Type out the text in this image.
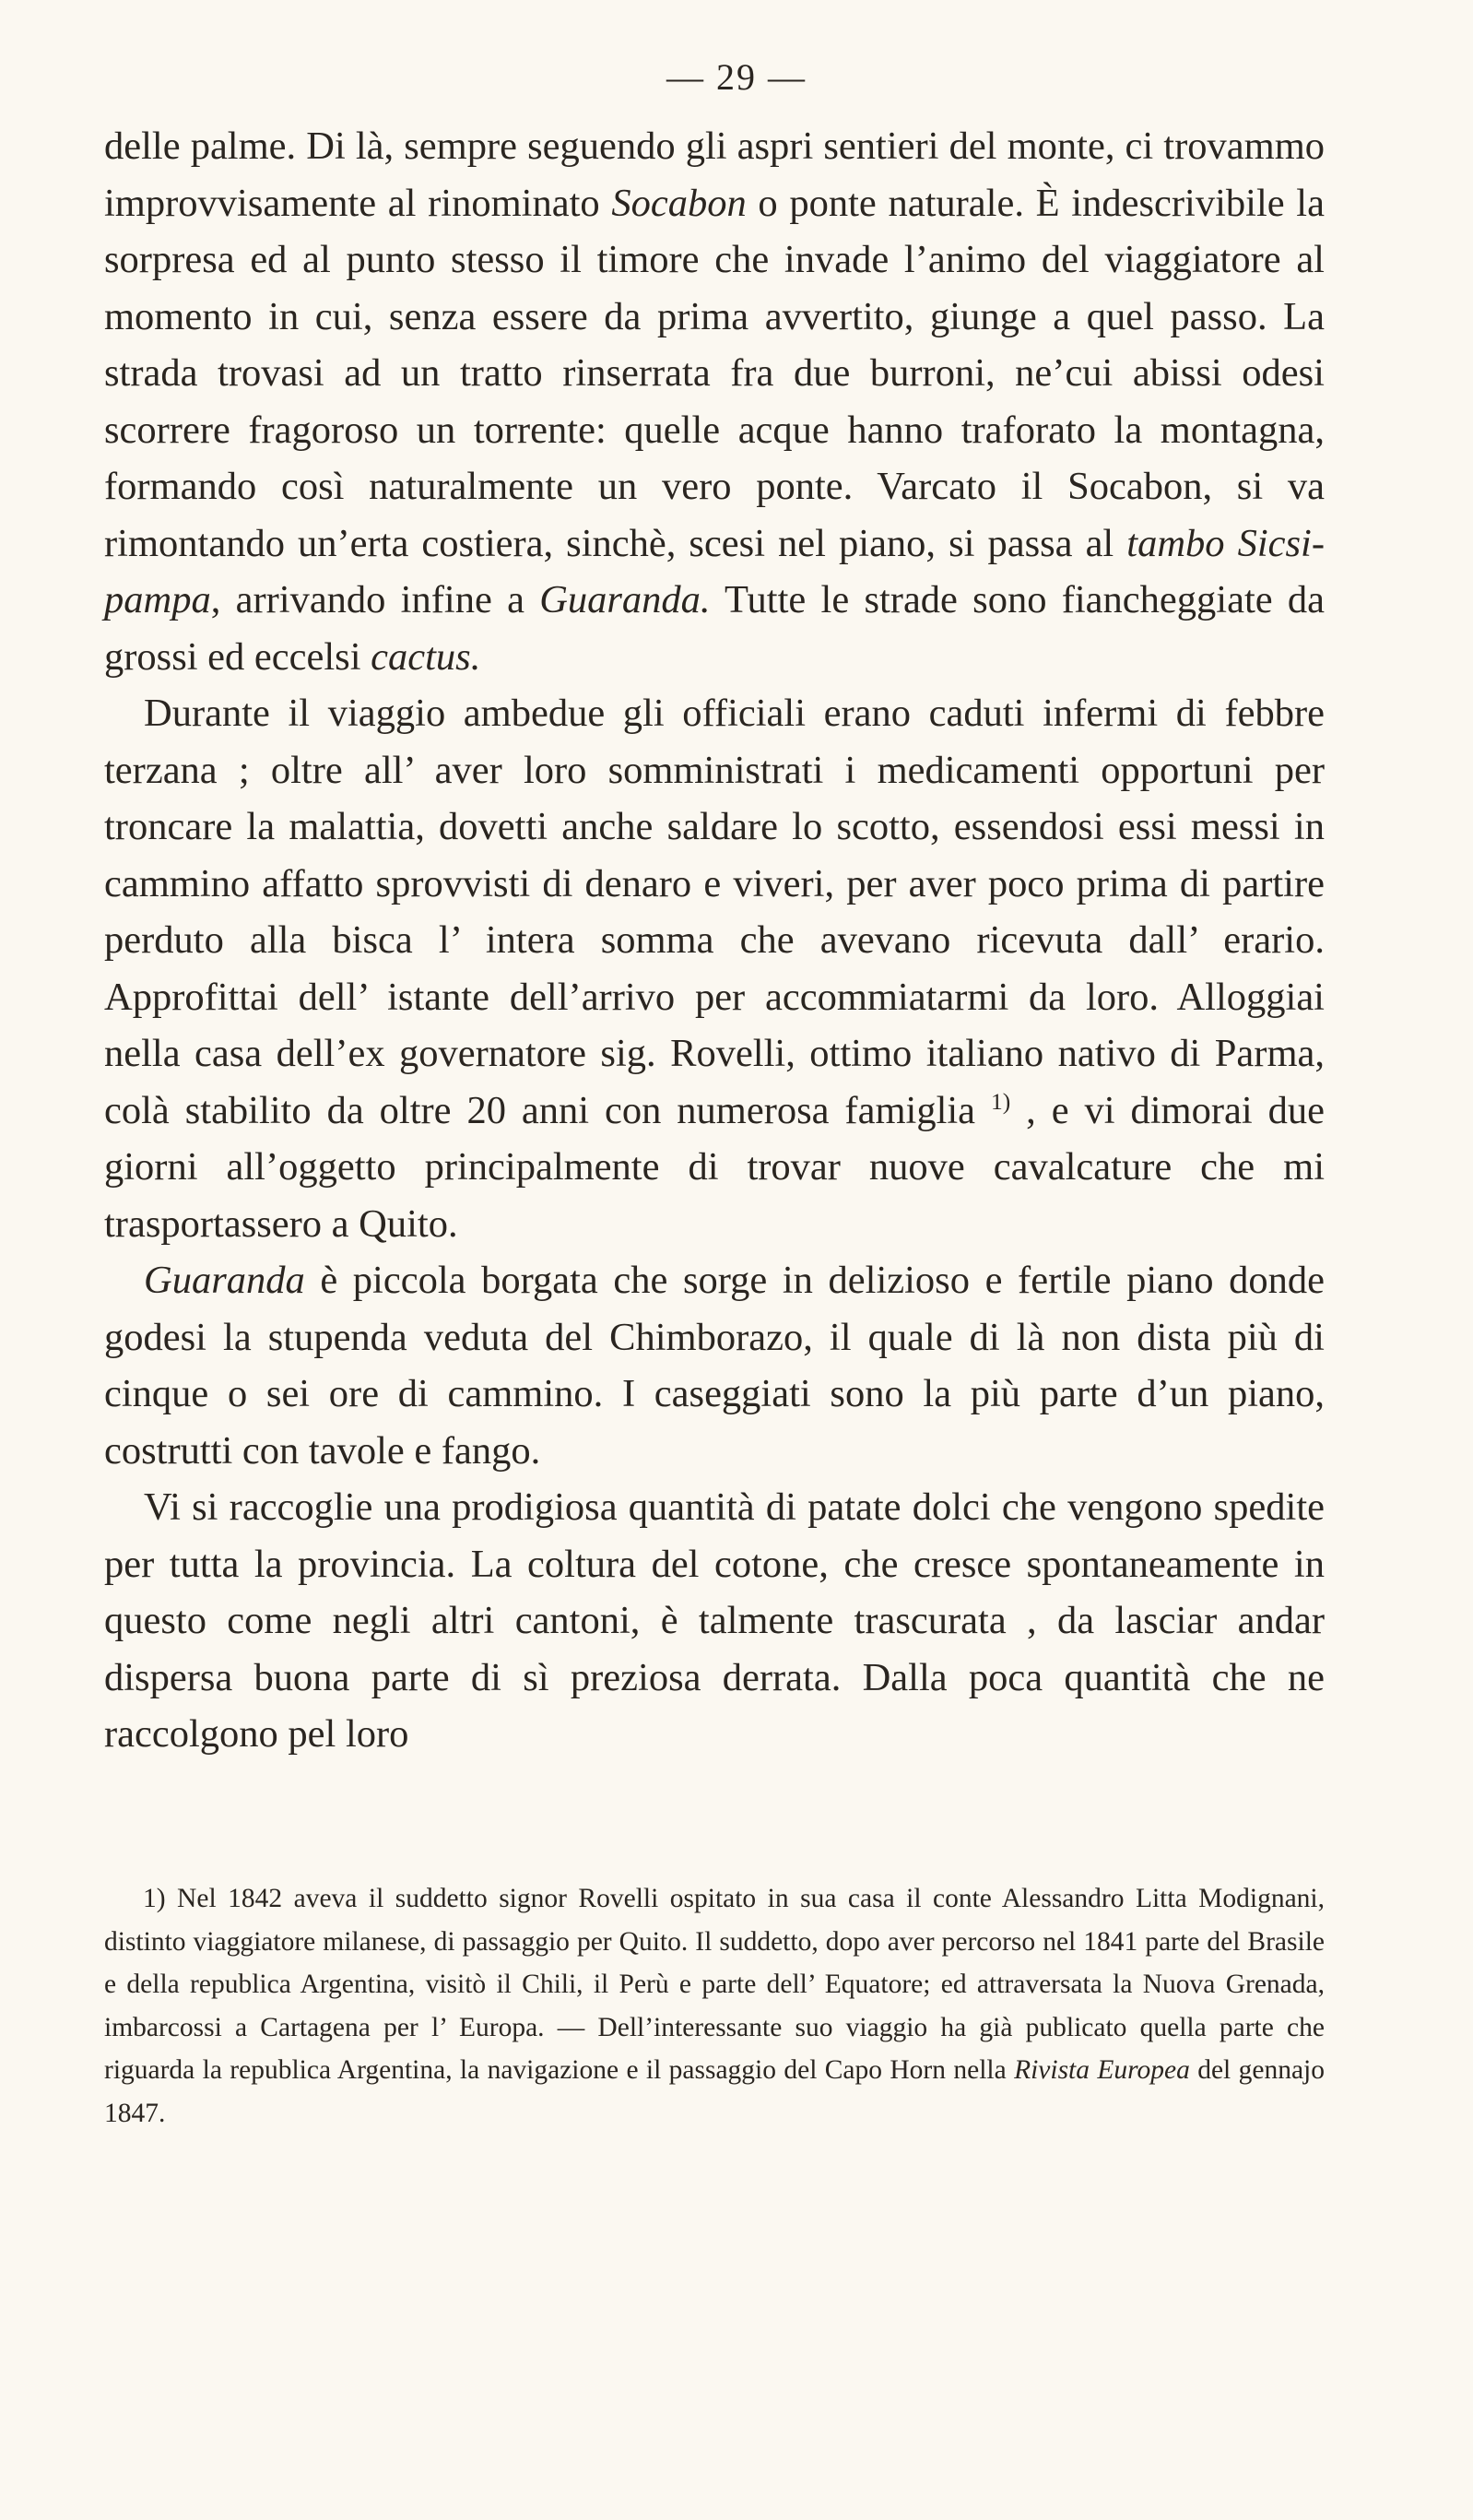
— 29 —

delle palme. Di là, sempre seguendo gli aspri sentieri del monte, ci trovammo improvvisamente al rinominato Socabon o ponte naturale. È indescrivibile la sorpresa ed al punto stesso il timore che invade l’animo del viaggiatore al momento in cui, senza essere da prima avvertito, giunge a quel passo. La strada trovasi ad un tratto rinserrata fra due burroni, ne’cui abissi odesi scorrere fragoroso un torrente: quelle acque hanno traforato la montagna, formando così naturalmente un vero ponte. Varcato il Socabon, si va rimontando un’erta costiera, sinchè, scesi nel piano, si passa al tambo Sicsi-pampa, arrivando infine a Guaranda. Tutte le strade sono fiancheggiate da grossi ed eccelsi cactus.

Durante il viaggio ambedue gli officiali erano caduti infermi di febbre terzana ; oltre all’ aver loro somministrati i medicamenti opportuni per troncare la malattia, dovetti anche saldare lo scotto, essendosi essi messi in cammino affatto sprovvisti di denaro e viveri, per aver poco prima di partire perduto alla bisca l’ intera somma che avevano ricevuta dall’ erario. Approfittai dell’ istante dell’arrivo per accommiatarmi da loro. Alloggiai nella casa dell’ex governatore sig. Rovelli, ottimo italiano nativo di Parma, colà stabilito da oltre 20 anni con numerosa famiglia $^{1)}$ , e vi dimorai due giorni all’oggetto principalmente di trovar nuove cavalcature che mi trasportassero a Quito.

Guaranda è piccola borgata che sorge in delizioso e fertile piano donde godesi la stupenda veduta del Chimborazo, il quale di là non dista più di cinque o sei ore di cammino. I caseggiati sono la più parte d’un piano, costrutti con tavole e fango.

Vi si raccoglie una prodigiosa quantità di patate dolci che vengono spedite per tutta la provincia. La coltura del cotone, che cresce spontaneamente in questo come negli altri cantoni, è talmente trascurata , da lasciar andar dispersa buona parte di sì preziosa derrata. Dalla poca quantità che ne raccolgono pel loro

1) Nel 1842 aveva il suddetto signor Rovelli ospitato in sua casa il conte Alessandro Litta Modignani, distinto viaggiatore milanese, di passaggio per Quito. Il suddetto, dopo aver percorso nel 1841 parte del Brasile e della republica Argentina, visitò il Chili, il Perù e parte dell’ Equatore; ed attraversata la Nuova Grenada, imbarcossi a Cartagena per l’ Europa. — Dell’interessante suo viaggio ha già publicato quella parte che riguarda la republica Argentina, la navigazione e il passaggio del Capo Horn nella Rivista Europea del gennajo 1847.
